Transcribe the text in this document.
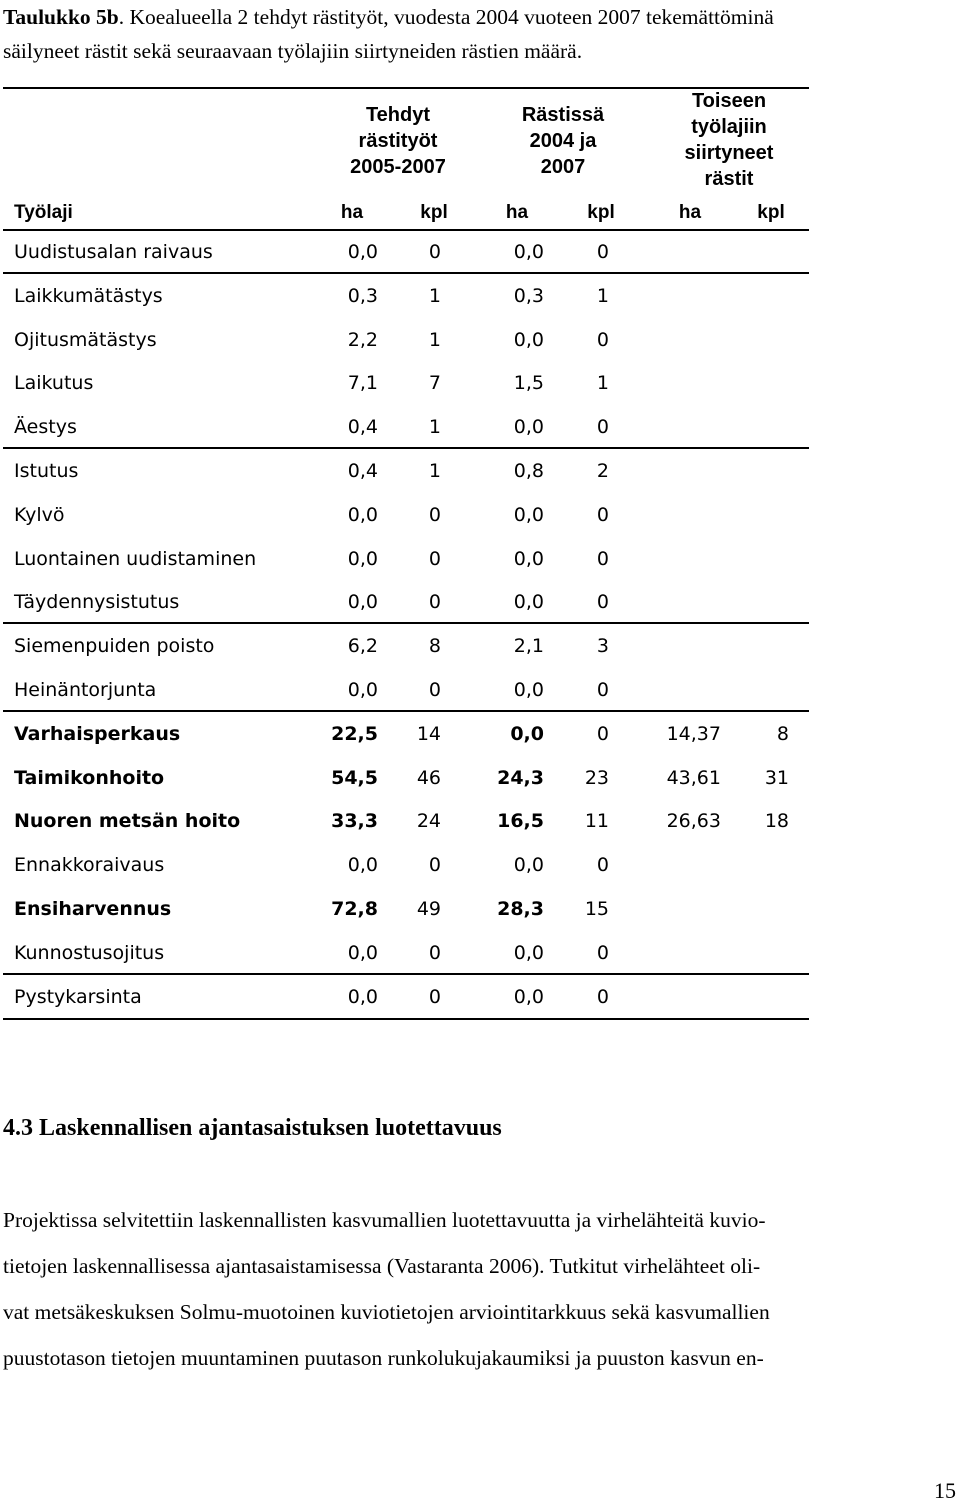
Taulukko 5b. Koealueella 2 tehdyt rästityöt, vuodesta 2004 vuoteen 2007 tekemättöminä
säilyneet rästit sekä seuraavaan työlajiin siirtyneiden rästien määrä.
Tehdyt
rästityöt
2005-2007
Rästissä
2004 ja
2007
Toiseen
työlajiin
siirtyneet
rästit
Työlaji	ha	kpl	ha	kpl	ha	kpl
Uudistusalan raivaus	0,0	0	0,0	0
Laikkumätästys	0,3	1	0,3	1
Ojitusmätästys	2,2	1	0,0	0
Laikutus	7,1	7	1,5	1
Äestys	0,4	1	0,0	0
Istutus	0,4	1	0,8	2
Kylvö	0,0	0	0,0	0
Luontainen uudistaminen	0,0	0	0,0	0
Täydennysistutus	0,0	0	0,0	0
Siemenpuiden poisto	6,2	8	2,1	3
Heinäntorjunta	0,0	0	0,0	0
Varhaisperkaus	22,5	14	0,0	0	14,37	8
Taimikonhoito	54,5	46	24,3	23	43,61	31
Nuoren metsän hoito	33,3	24	16,5	11	26,63	18
Ennakkoraivaus	0,0	0	0,0	0
Ensiharvennus	72,8	49	28,3	15
Kunnostusojitus	0,0	0	0,0	0
Pystykarsinta	0,0	0	0,0	0
4.3 Laskennallisen ajantasaistuksen luotettavuus
Projektissa selvitettiin laskennallisten kasvumallien luotettavuutta ja virhelähteitä kuvio-
tietojen laskennallisessa ajantasaistamisessa (Vastaranta 2006). Tutkitut virhelähteet oli-
vat metsäkeskuksen Solmu-muotoinen kuviotietojen arviointitarkkuus sekä kasvumallien
puustotason tietojen muuntaminen puutason runkolukujakaumiksi ja puuston kasvun en-
15
